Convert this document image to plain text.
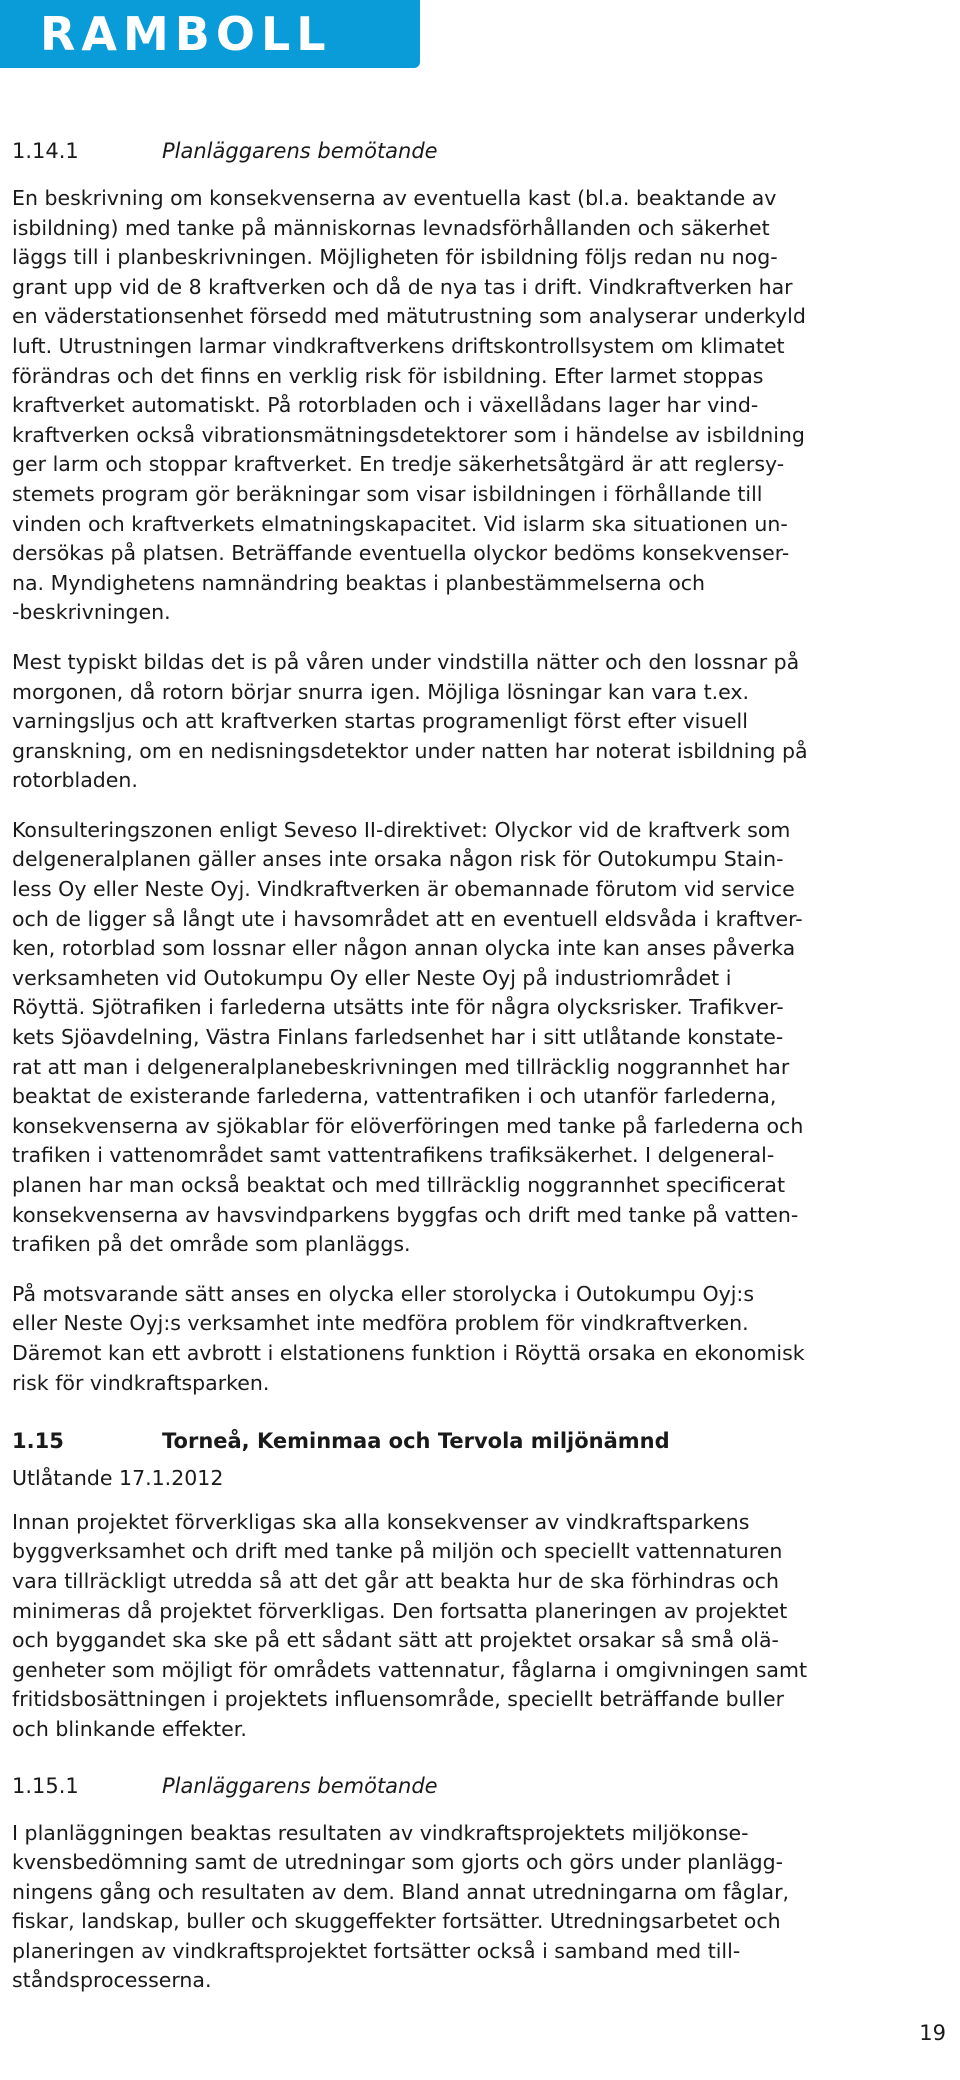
RAMBOLL
1.14.1	Planläggarens bemötande

En beskrivning om konsekvenserna av eventuella kast (bl.a. beaktande av
isbildning) med tanke på människornas levnadsförhållanden och säkerhet
läggs till i planbeskrivningen. Möjligheten för isbildning följs redan nu nog-
grant upp vid de 8 kraftverken och då de nya tas i drift. Vindkraftverken har
en väderstationsenhet försedd med mätutrustning som analyserar underkyld
luft. Utrustningen larmar vindkraftverkens driftskontrollsystem om klimatet
förändras och det finns en verklig risk för isbildning. Efter larmet stoppas
kraftverket automatiskt. På rotorbladen och i växellådans lager har vind-
kraftverken också vibrationsmätningsdetektorer som i händelse av isbildning
ger larm och stoppar kraftverket. En tredje säkerhetsåtgärd är att reglersy-
stemets program gör beräkningar som visar isbildningen i förhållande till
vinden och kraftverkets elmatningskapacitet. Vid islarm ska situationen un-
dersökas på platsen. Beträffande eventuella olyckor bedöms konsekvenser-
na. Myndighetens namnändring beaktas i planbestämmelserna och
-beskrivningen.

Mest typiskt bildas det is på våren under vindstilla nätter och den lossnar på
morgonen, då rotorn börjar snurra igen. Möjliga lösningar kan vara t.ex.
varningsljus och att kraftverken startas programenligt först efter visuell
granskning, om en nedisningsdetektor under natten har noterat isbildning på
rotorbladen.

Konsulteringszonen enligt Seveso II-direktivet: Olyckor vid de kraftverk som
delgeneralplanen gäller anses inte orsaka någon risk för Outokumpu Stain-
less Oy eller Neste Oyj. Vindkraftverken är obemannade förutom vid service
och de ligger så långt ute i havsområdet att en eventuell eldsvåda i kraftver-
ken, rotorblad som lossnar eller någon annan olycka inte kan anses påverka
verksamheten vid Outokumpu Oy eller Neste Oyj på industriområdet i
Röyttä. Sjötrafiken i farlederna utsätts inte för några olycksrisker. Trafikver-
kets Sjöavdelning, Västra Finlans farledsenhet har i sitt utlåtande konstate-
rat att man i delgeneralplanebeskrivningen med tillräcklig noggrannhet har
beaktat de existerande farlederna, vattentrafiken i och utanför farlederna,
konsekvenserna av sjökablar för elöverföringen med tanke på farlederna och
trafiken i vattenområdet samt vattentrafikens trafiksäkerhet. I delgeneral-
planen har man också beaktat och med tillräcklig noggrannhet specificerat
konsekvenserna av havsvindparkens byggfas och drift med tanke på vatten-
trafiken på det område som planläggs.

På motsvarande sätt anses en olycka eller storolycka i Outokumpu Oyj:s
eller Neste Oyj:s verksamhet inte medföra problem för vindkraftverken.
Däremot kan ett avbrott i elstationens funktion i Röyttä orsaka en ekonomisk
risk för vindkraftsparken.

1.15	Torneå, Keminmaa och Tervola miljönämnd

Utlåtande 17.1.2012

Innan projektet förverkligas ska alla konsekvenser av vindkraftsparkens
byggverksamhet och drift med tanke på miljön och speciellt vattennaturen
vara tillräckligt utredda så att det går att beakta hur de ska förhindras och
minimeras då projektet förverkligas. Den fortsatta planeringen av projektet
och byggandet ska ske på ett sådant sätt att projektet orsakar så små olä-
genheter som möjligt för områdets vattennatur, fåglarna i omgivningen samt
fritidsbosättningen i projektets influensområde, speciellt beträffande buller
och blinkande effekter.

1.15.1	Planläggarens bemötande

I planläggningen beaktas resultaten av vindkraftsprojektets miljökonse-
kvensbedömning samt de utredningar som gjorts och görs under planlägg-
ningens gång och resultaten av dem. Bland annat utredningarna om fåglar,
fiskar, landskap, buller och skuggeffekter fortsätter. Utredningsarbetet och
planeringen av vindkraftsprojektet fortsätter också i samband med till-
ståndsprocesserna.

19
